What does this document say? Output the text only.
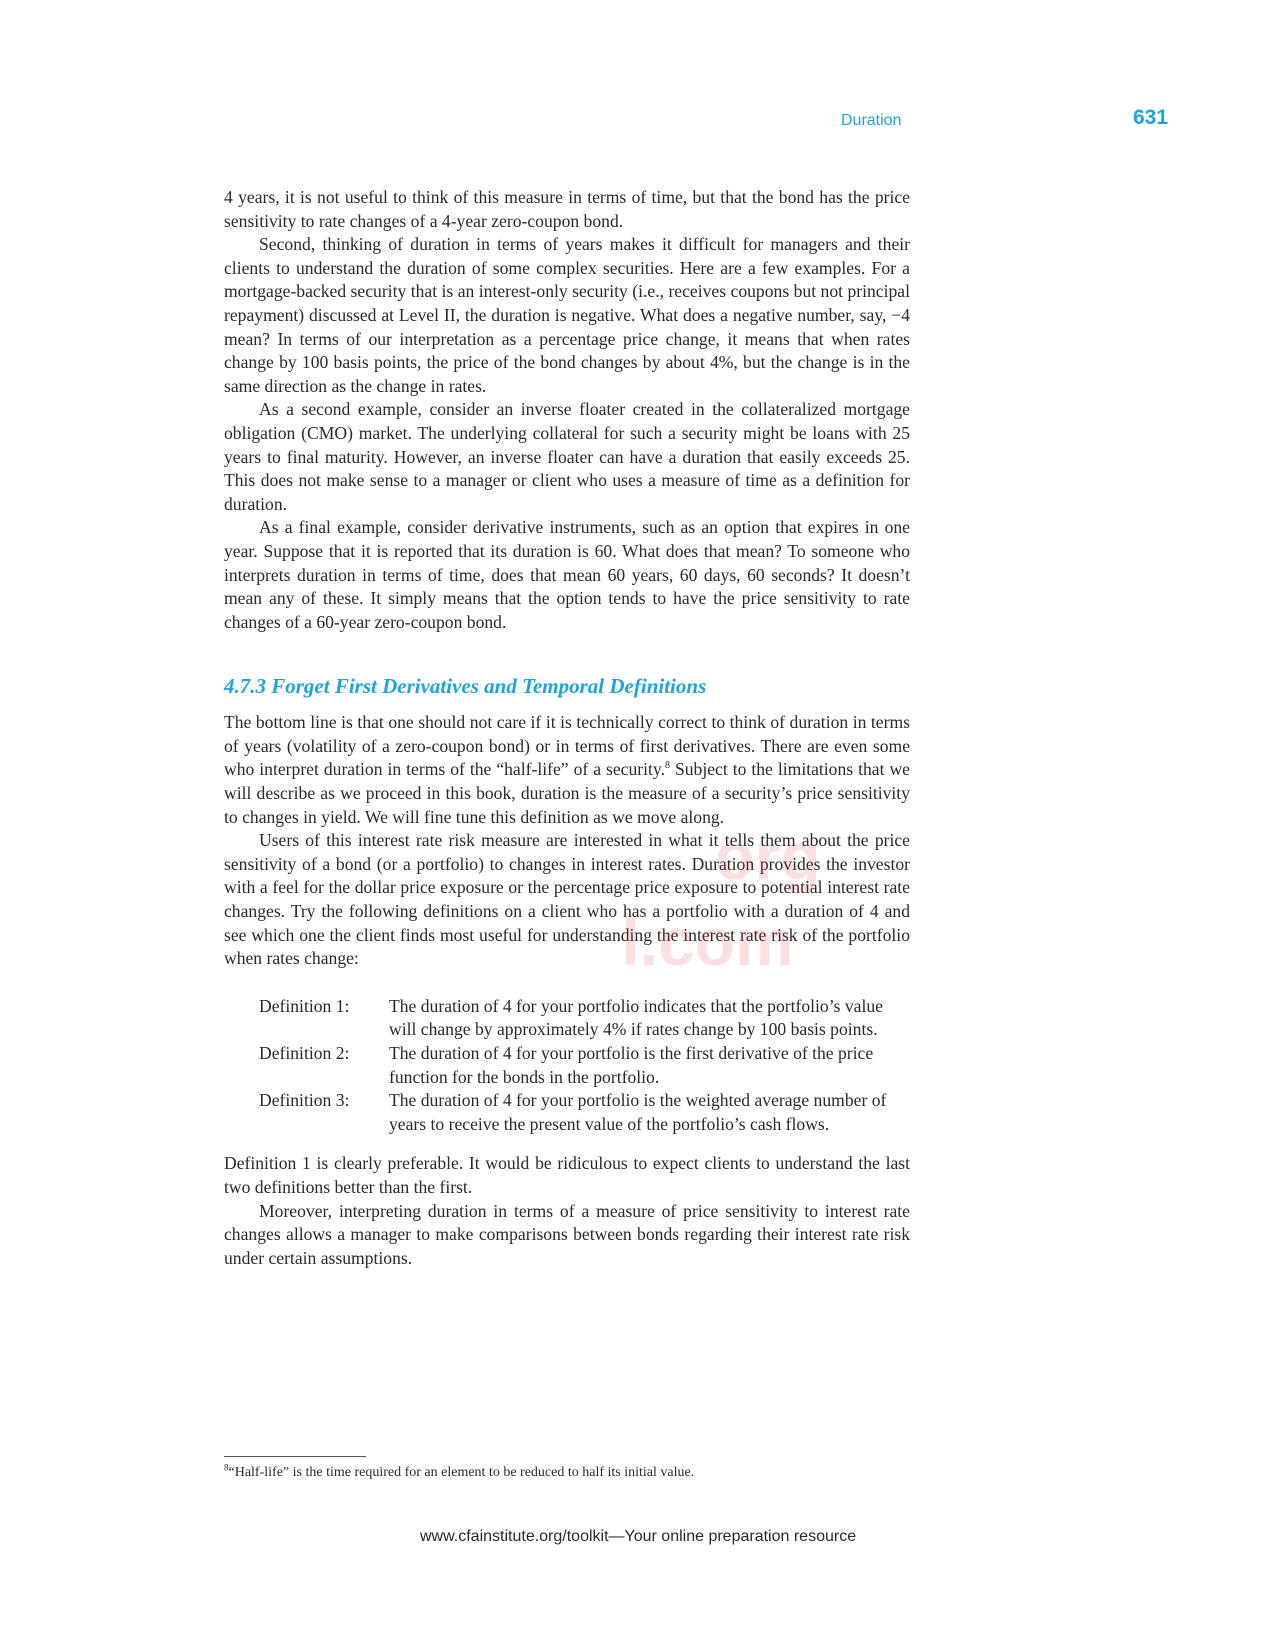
Duration	631

4 years, it is not useful to think of this measure in terms of time, but that the bond has the price sensitivity to rate changes of a 4-year zero-coupon bond.

Second, thinking of duration in terms of years makes it difficult for managers and their clients to understand the duration of some complex securities. Here are a few examples. For a mortgage-backed security that is an interest-only security (i.e., receives coupons but not principal repayment) discussed at Level II, the duration is negative. What does a negative number, say, −4 mean? In terms of our interpretation as a percentage price change, it means that when rates change by 100 basis points, the price of the bond changes by about 4%, but the change is in the same direction as the change in rates.

As a second example, consider an inverse floater created in the collateralized mortgage obligation (CMO) market. The underlying collateral for such a security might be loans with 25 years to final maturity. However, an inverse floater can have a duration that easily exceeds 25. This does not make sense to a manager or client who uses a measure of time as a definition for duration.

As a final example, consider derivative instruments, such as an option that expires in one year. Suppose that it is reported that its duration is 60. What does that mean? To someone who interprets duration in terms of time, does that mean 60 years, 60 days, 60 seconds? It doesn’t mean any of these. It simply means that the option tends to have the price sensitivity to rate changes of a 60-year zero-coupon bond.

4.7.3 Forget First Derivatives and Temporal Definitions

The bottom line is that one should not care if it is technically correct to think of duration in terms of years (volatility of a zero-coupon bond) or in terms of first derivatives. There are even some who interpret duration in terms of the “half-life” of a security.$^8$ Subject to the limitations that we will describe as we proceed in this book, duration is the measure of a security’s price sensitivity to changes in yield. We will fine tune this definition as we move along.

Users of this interest rate risk measure are interested in what it tells them about the price sensitivity of a bond (or a portfolio) to changes in interest rates. Duration provides the investor with a feel for the dollar price exposure or the percentage price exposure to potential interest rate changes. Try the following definitions on a client who has a portfolio with a duration of 4 and see which one the client finds most useful for understanding the interest rate risk of the portfolio when rates change:

Definition 1:	The duration of 4 for your portfolio indicates that the portfolio’s value will change by approximately 4% if rates change by 100 basis points.
Definition 2:	The duration of 4 for your portfolio is the first derivative of the price function for the bonds in the portfolio.
Definition 3:	The duration of 4 for your portfolio is the weighted average number of years to receive the present value of the portfolio’s cash flows.

Definition 1 is clearly preferable. It would be ridiculous to expect clients to understand the last two definitions better than the first.

Moreover, interpreting duration in terms of a measure of price sensitivity to interest rate changes allows a manager to make comparisons between bonds regarding their interest rate risk under certain assumptions.

$^8$“Half-life” is the time required for an element to be reduced to half its initial value.
www.cfainstitute.org/toolkit—Your online preparation resource
org
l.com
